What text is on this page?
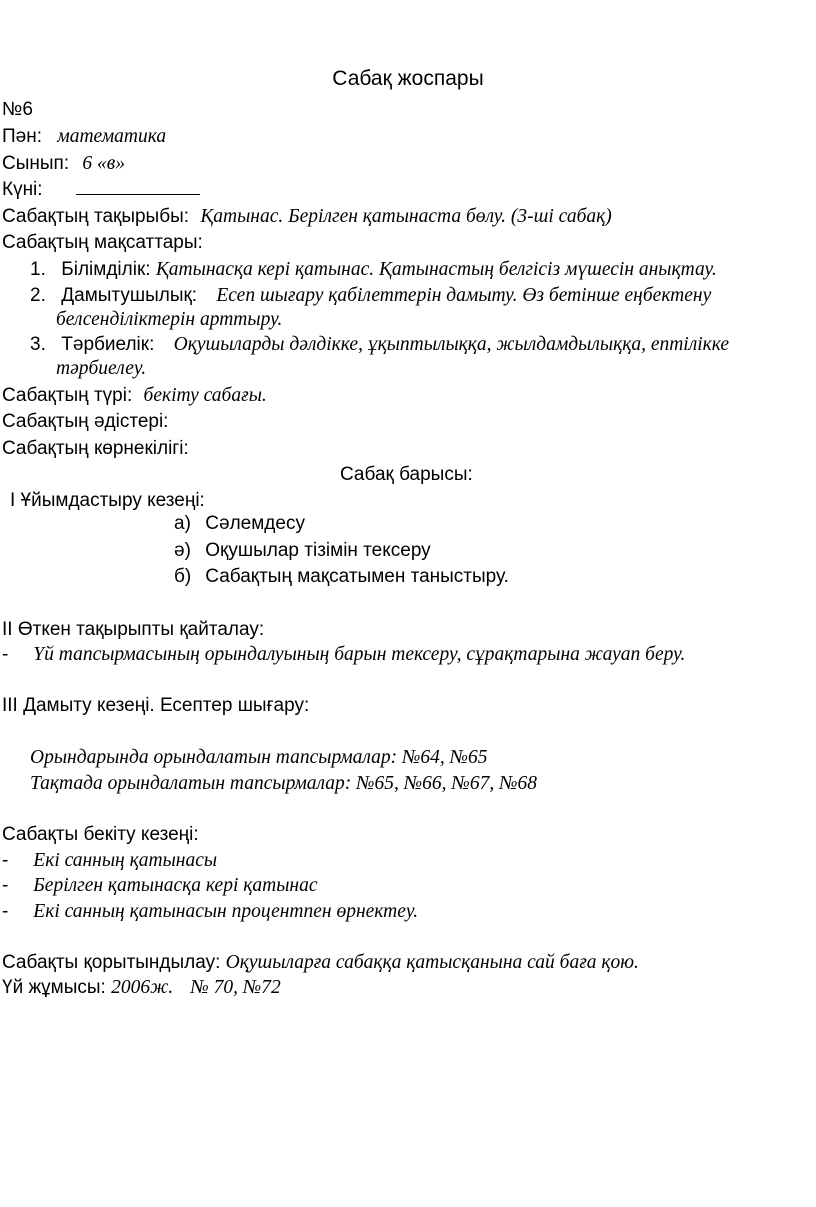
Сабақ жоспары
№6
Пән: математика
Сынып: 6 «в»
Күні:
Сабақтың тақырыбы: Қатынас. Берілген қатынаста бөлу. (3-ші сабақ)
Сабақтың мақсаттары:
1. Білімділік: Қатынасқа кері қатынас. Қатынастың белгісіз мүшесін анықтау.
2. Дамытушылық: Есеп шығару қабілеттерін дамыту. Өз бетінше еңбектену
белсенділіктерін арттыру.
3. Тәрбиелік: Оқушыларды дәлдікке, ұқыптылыққа, жылдамдылыққа, ептілікке
тәрбиелеу.
Сабақтың түрі: бекіту сабағы.
Сабақтың әдістері:
Сабақтың көрнекілігі:
Сабақ барысы:
I Ұйымдастыру кезеңі:
а) Сәлемдесу
ә) Оқушылар тізімін тексеру
б) Сабақтың мақсатымен таныстыру.
II Өткен тақырыпты қайталау:
- Үй тапсырмасының орындалуының барын тексеру, сұрақтарына жауап беру.
III Дамыту кезеңі. Есептер шығару:
Орындарында орындалатын тапсырмалар: №64, №65
Тақтада орындалатын тапсырмалар: №65, №66, №67, №68
Сабақты бекіту кезеңі:
- Екі санның қатынасы
- Берілген қатынасқа кері қатынас
- Екі санның қатынасын процентпен өрнектеу.
Сабақты қорытындылау: Оқушыларға сабаққа қатысқанына сай баға қою.
Үй жұмысы: 2006ж. № 70, №72
